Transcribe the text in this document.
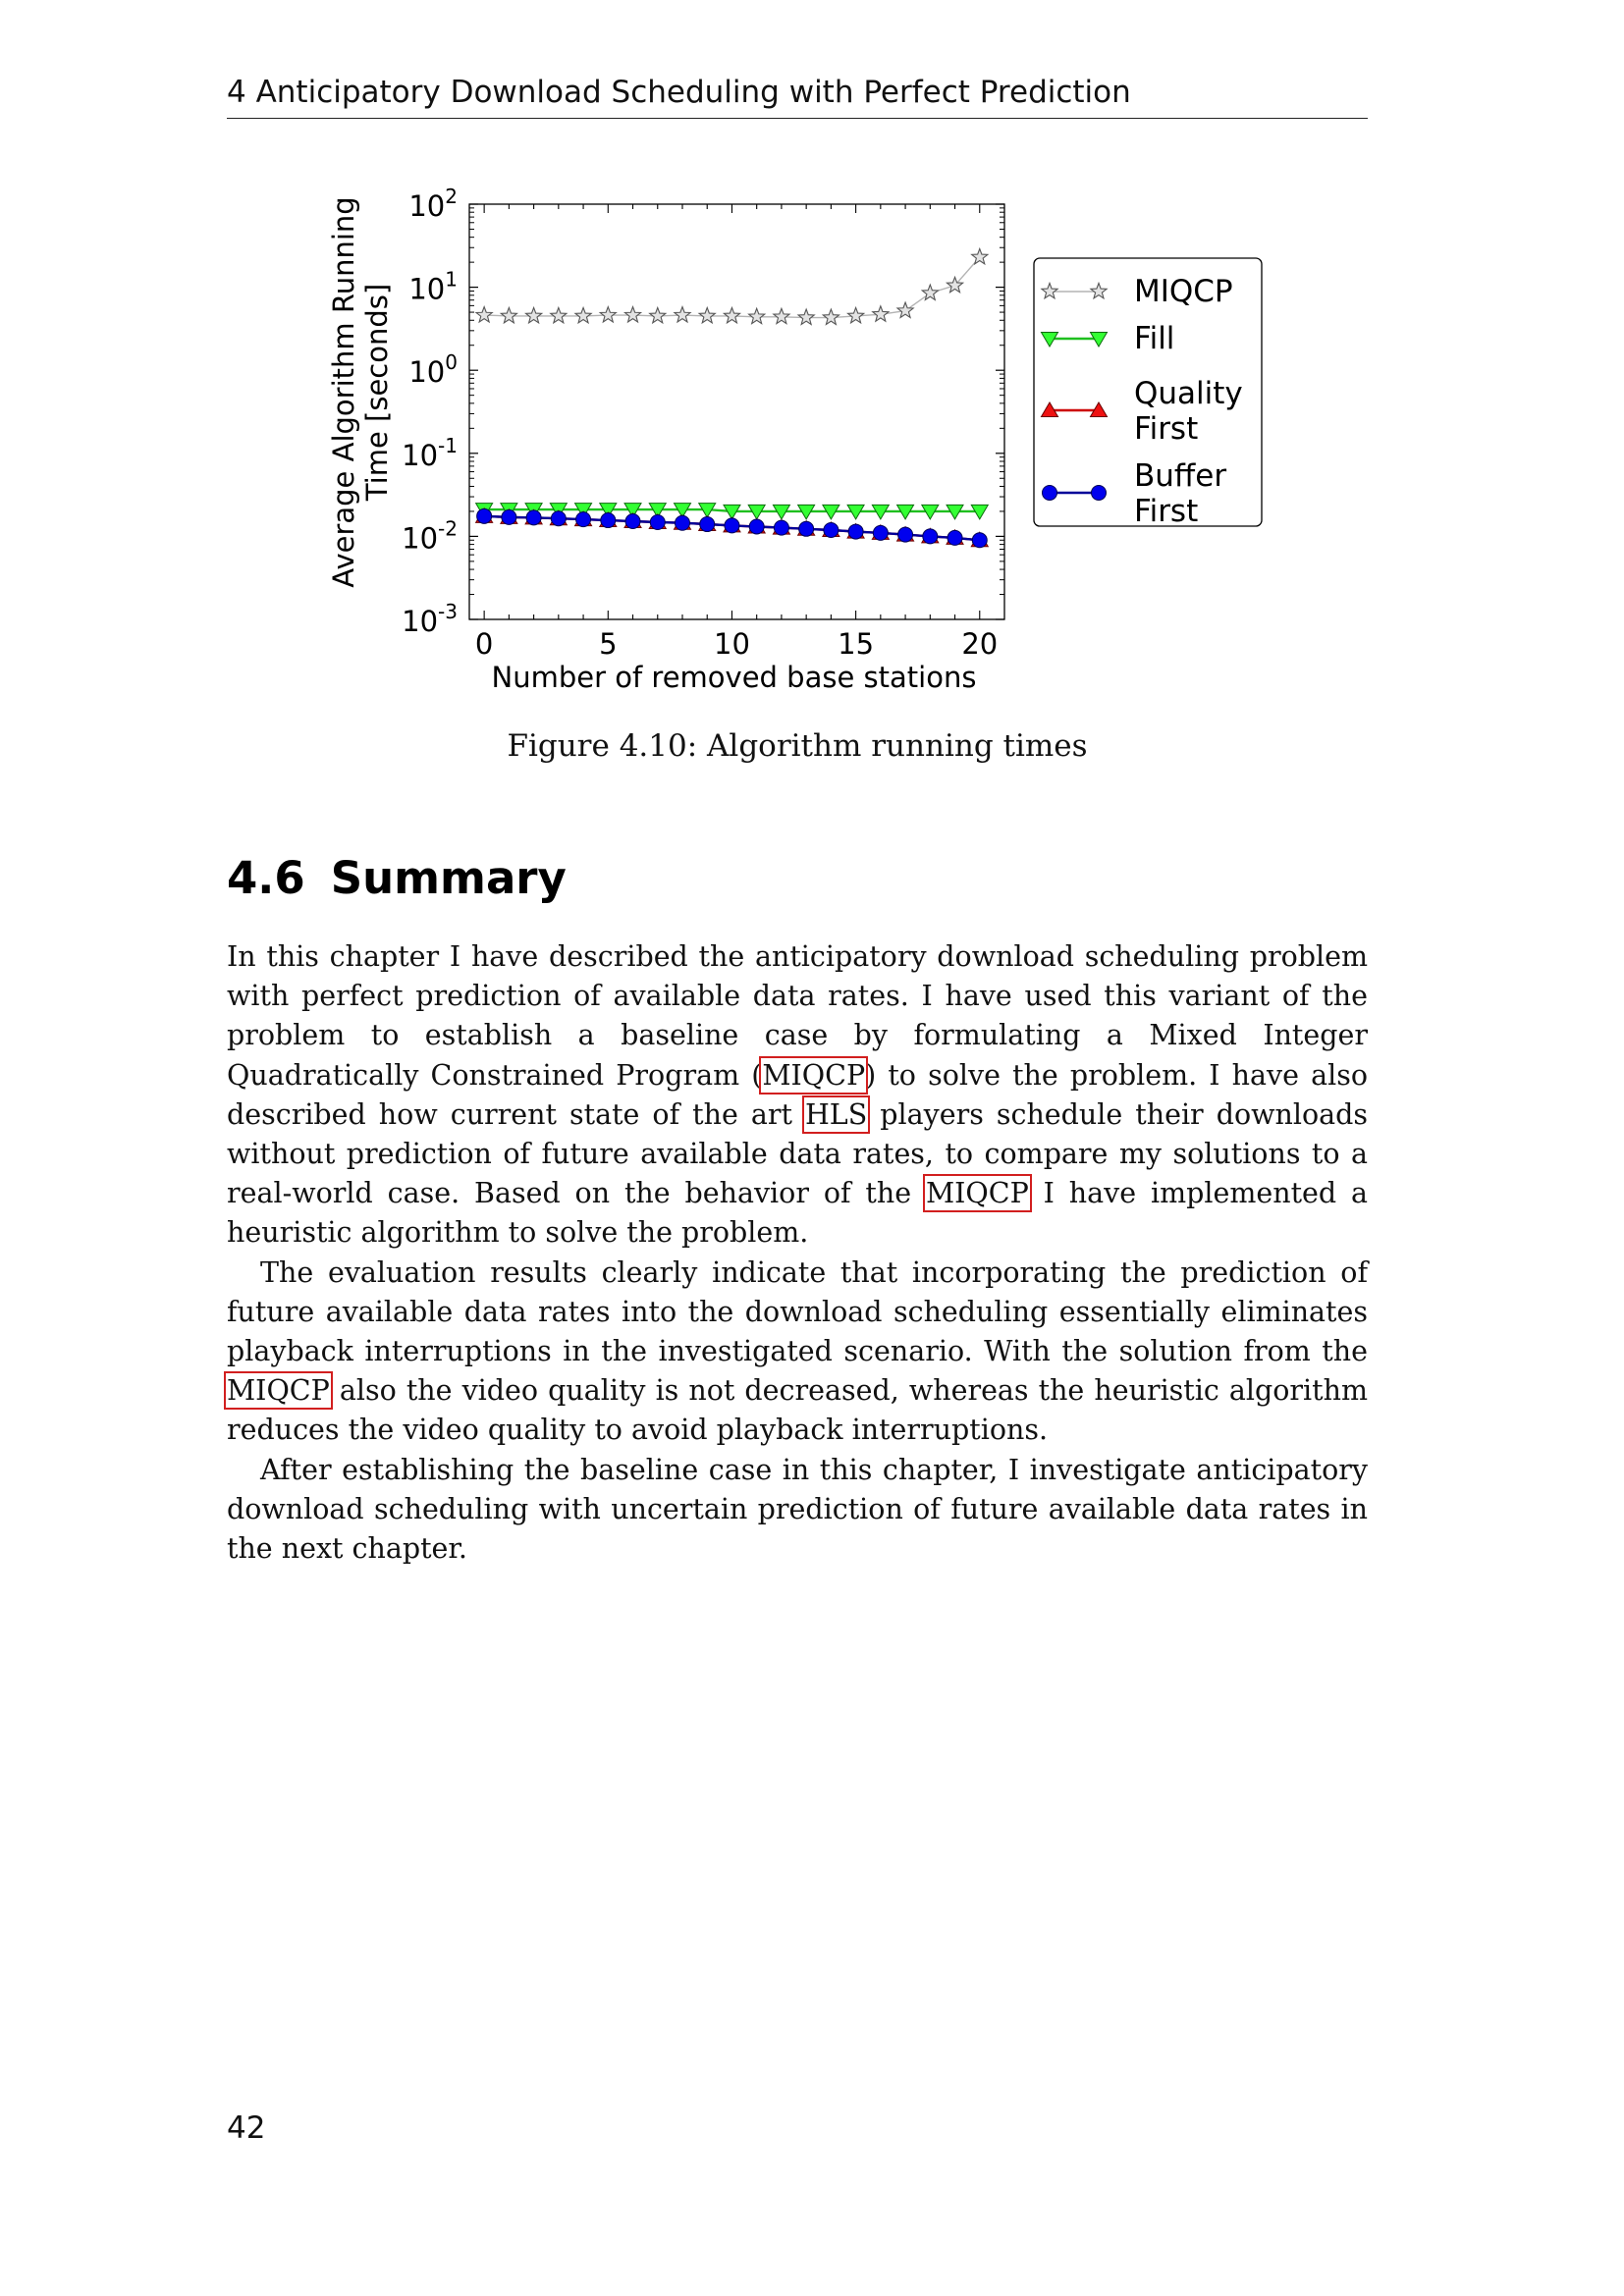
4 Anticipatory Download Scheduling with Perfect Prediction
$10^2$
$10^1$
$10^0$
$10^{-1}$
$10^{-2}$
$10^{-3}$
0	5	10	15	20
Number of removed base stations
Average Algorithm Running Time [seconds]	MIQCP
Fill
Quality
First
Buffer
First
Figure 4.10: Algorithm running times
4.6 Summary

In this chapter I have described the anticipatory download scheduling problem with perfect prediction of available data rates. I have used this variant of the problem to establish a baseline case by formulating a Mixed Integer Quadratically Constrained Program (MIQCP) to solve the problem. I have also described how current state of the art HLS players schedule their downloads without prediction of future available data rates, to compare my solutions to a real-world case. Based on the behavior of the MIQCP I have implemented a heuristic algorithm to solve the problem.

The evaluation results clearly indicate that incorporating the prediction of future available data rates into the download scheduling essentially eliminates playback interruptions in the investigated scenario. With the solution from the MIQCP also the video quality is not decreased, whereas the heuristic algorithm reduces the video quality to avoid playback interruptions.

After establishing the baseline case in this chapter, I investigate anticipatory download scheduling with uncertain prediction of future available data rates in the next chapter.

42
